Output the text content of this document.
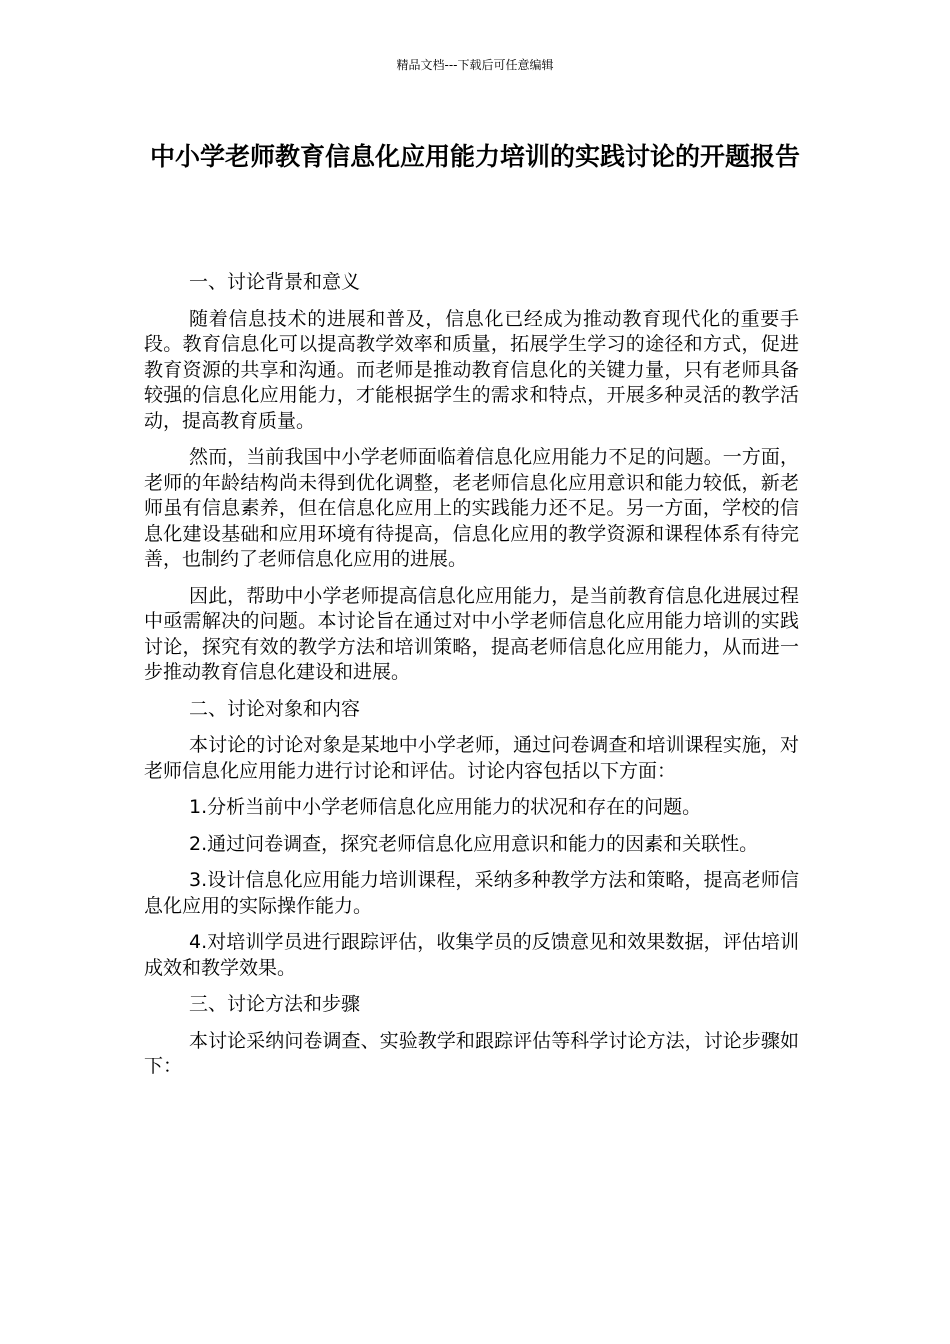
精品文档---下载后可任意编辑
中小学老师教育信息化应用能力培训的实践讨论的开题报告

一、讨论背景和意义

随着信息技术的进展和普及，信息化已经成为推动教育现代化的重要手段。教育信息化可以提高教学效率和质量，拓展学生学习的途径和方式，促进教育资源的共享和沟通。而老师是推动教育信息化的关键力量，只有老师具备较强的信息化应用能力，才能根据学生的需求和特点，开展多种灵活的教学活动，提高教育质量。

然而，当前我国中小学老师面临着信息化应用能力不足的问题。一方面，老师的年龄结构尚未得到优化调整，老老师信息化应用意识和能力较低，新老师虽有信息素养，但在信息化应用上的实践能力还不足。另一方面，学校的信息化建设基础和应用环境有待提高，信息化应用的教学资源和课程体系有待完善，也制约了老师信息化应用的进展。

因此，帮助中小学老师提高信息化应用能力，是当前教育信息化进展过程中亟需解决的问题。本讨论旨在通过对中小学老师信息化应用能力培训的实践讨论，探究有效的教学方法和培训策略，提高老师信息化应用能力，从而进一步推动教育信息化建设和进展。

二、讨论对象和内容

本讨论的讨论对象是某地中小学老师，通过问卷调查和培训课程实施，对老师信息化应用能力进行讨论和评估。讨论内容包括以下方面：

1.分析当前中小学老师信息化应用能力的状况和存在的问题。

2.通过问卷调查，探究老师信息化应用意识和能力的因素和关联性。

3.设计信息化应用能力培训课程，采纳多种教学方法和策略，提高老师信息化应用的实际操作能力。

4.对培训学员进行跟踪评估，收集学员的反馈意见和效果数据，评估培训成效和教学效果。

三、讨论方法和步骤

本讨论采纳问卷调查、实验教学和跟踪评估等科学讨论方法，讨论步骤如下：
